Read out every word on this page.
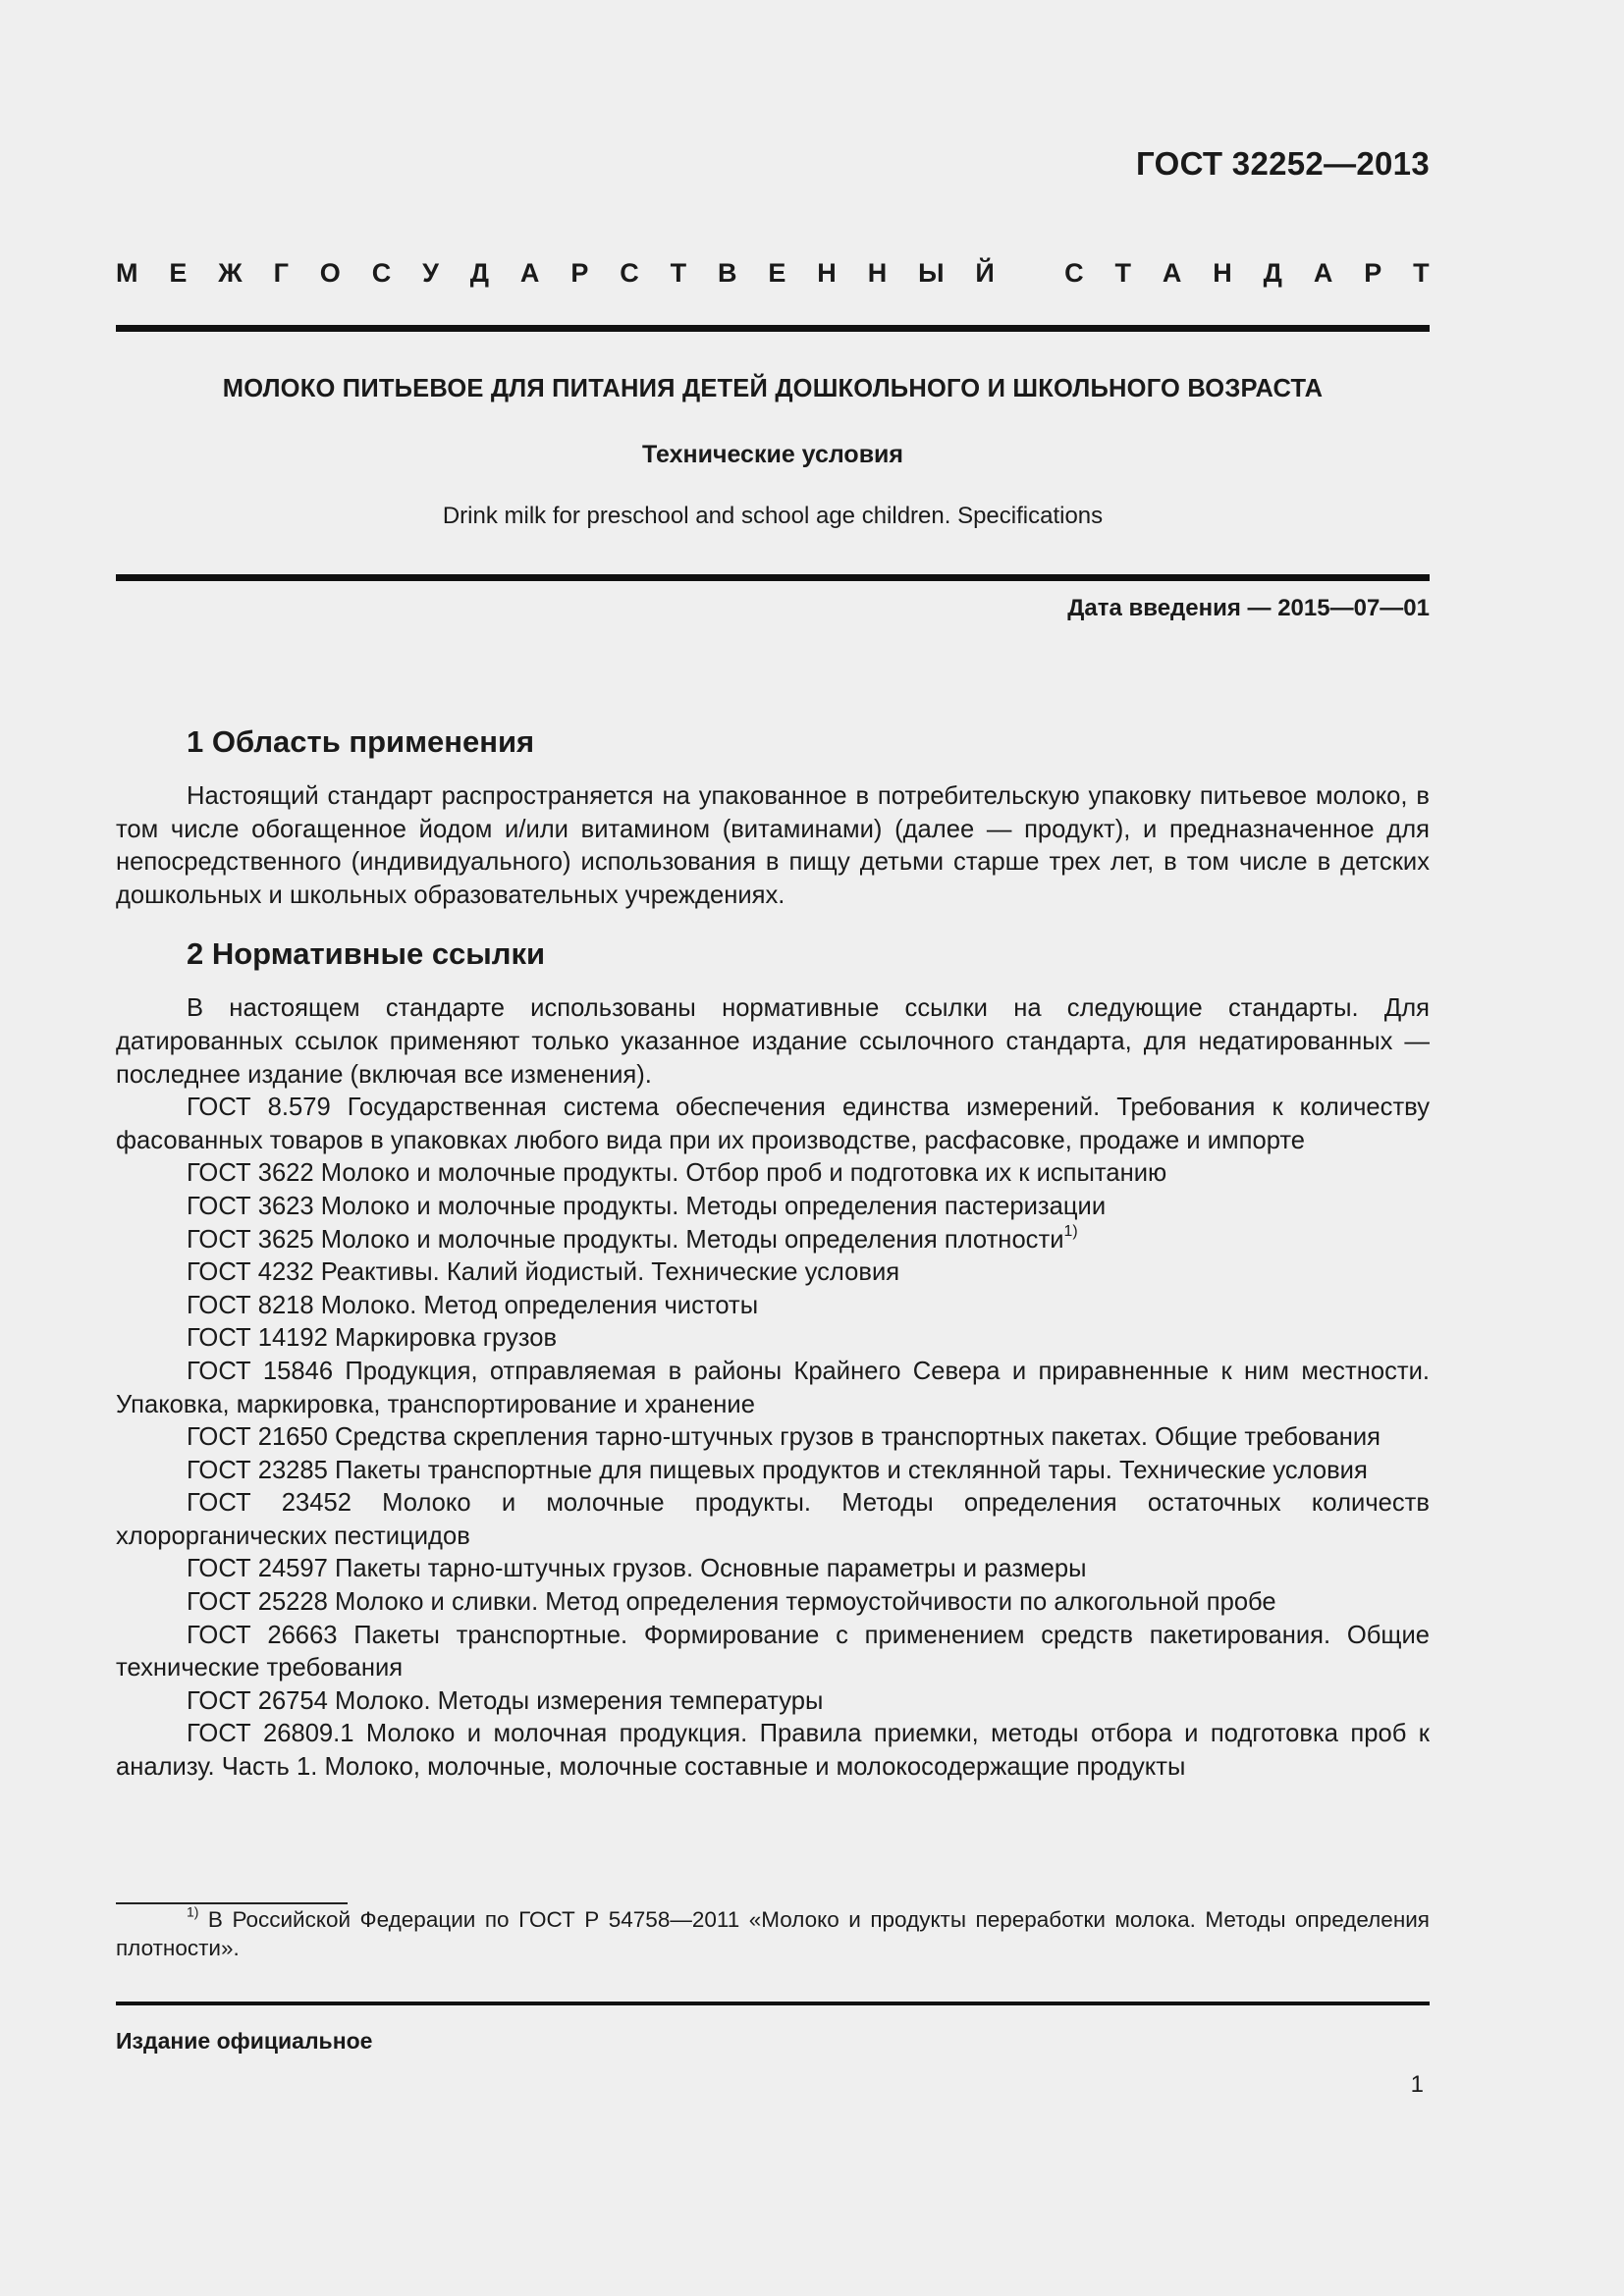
ГОСТ 32252—2013
М Е Ж Г О С У Д А Р С Т В Е Н Н Ы Й
	С Т А Н Д А Р Т
МОЛОКО ПИТЬЕВОЕ ДЛЯ ПИТАНИЯ ДЕТЕЙ ДОШКОЛЬНОГО И ШКОЛЬНОГО ВОЗРАСТА
Технические условия
Drink milk for preschool and school age children. Specifications
Дата введения — 2015—07—01
1 Область применения

Настоящий стандарт распространяется на упакованное в потребительскую упаковку питьевое молоко, в том числе обогащенное йодом и/или витамином (витаминами) (далее — продукт), и предназначенное для непосредственного (индивидуального) использования в пищу детьми старше трех лет, в том числе в детских дошкольных и школьных образовательных учреждениях.

2 Нормативные ссылки

В настоящем стандарте использованы нормативные ссылки на следующие стандарты. Для датированных ссылок применяют только указанное издание ссылочного стандарта, для недатированных — последнее издание (включая все изменения).

ГОСТ 8.579 Государственная система обеспечения единства измерений. Требования к количеству фасованных товаров в упаковках любого вида при их производстве, расфасовке, продаже и импорте

ГОСТ 3622 Молоко и молочные продукты. Отбор проб и подготовка их к испытанию

ГОСТ 3623 Молоко и молочные продукты. Методы определения пастеризации

ГОСТ 3625 Молоко и молочные продукты. Методы определения плотности$^{1)}$

ГОСТ 4232 Реактивы. Калий йодистый. Технические условия

ГОСТ 8218 Молоко. Метод определения чистоты

ГОСТ 14192 Маркировка грузов

ГОСТ 15846 Продукция, отправляемая в районы Крайнего Севера и приравненные к ним местности. Упаковка, маркировка, транспортирование и хранение

ГОСТ 21650 Средства скрепления тарно-штучных грузов в транспортных пакетах. Общие требования

ГОСТ 23285 Пакеты транспортные для пищевых продуктов и стеклянной тары. Технические условия

ГОСТ 23452 Молоко и молочные продукты. Методы определения остаточных количеств хлорорганических пестицидов

ГОСТ 24597 Пакеты тарно-штучных грузов. Основные параметры и размеры

ГОСТ 25228 Молоко и сливки. Метод определения термоустойчивости по алкогольной пробе

ГОСТ 26663 Пакеты транспортные. Формирование с применением средств пакетирования. Общие технические требования

ГОСТ 26754 Молоко. Методы измерения температуры

ГОСТ 26809.1 Молоко и молочная продукция. Правила приемки, методы отбора и подготовка проб к анализу. Часть 1. Молоко, молочные, молочные составные и молокосодержащие продукты

$^{1)}$ В Российской Федерации по ГОСТ Р 54758—2011 «Молоко и продукты переработки молока. Методы определения плотности».
Издание официальное
1
